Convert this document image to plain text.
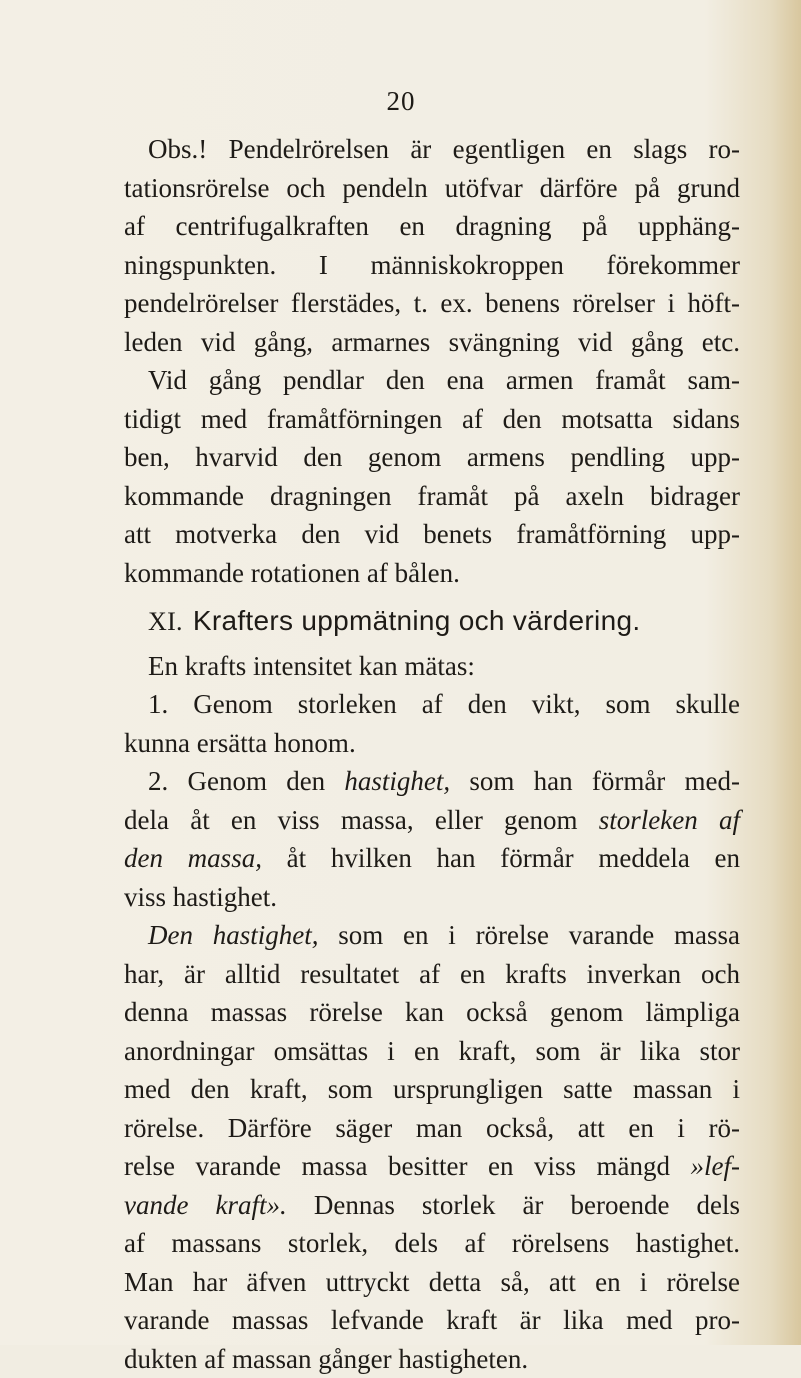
20
Obs.! Pendelrörelsen är egentligen en slags ro-
tationsrörelse och pendeln utöfvar därföre på grund
af centrifugalkraften en dragning på upphäng-
ningspunkten. I människokroppen förekommer
pendelrörelser flerstädes, t. ex. benens rörelser i höft-
leden vid gång, armarnes svängning vid gång etc.
Vid gång pendlar den ena armen framåt sam-
tidigt med framåtförningen af den motsatta sidans
ben, hvarvid den genom armens pendling upp-
kommande dragningen framåt på axeln bidrager
att motverka den vid benets framåtförning upp-
kommande rotationen af bålen.
XI. Krafters uppmätning och värdering.
En krafts intensitet kan mätas:
1. Genom storleken af den vikt, som skulle
kunna ersätta honom.
2. Genom den hastighet, som han förmår med-
dela åt en viss massa, eller genom storleken af
den massa, åt hvilken han förmår meddela en
viss hastighet.
Den hastighet, som en i rörelse varande massa
har, är alltid resultatet af en krafts inverkan och
denna massas rörelse kan också genom lämpliga
anordningar omsättas i en kraft, som är lika stor
med den kraft, som ursprungligen satte massan i
rörelse. Därföre säger man också, att en i rö-
relse varande massa besitter en viss mängd »lef-
vande kraft». Dennas storlek är beroende dels
af massans storlek, dels af rörelsens hastighet.
Man har äfven uttryckt detta så, att en i rörelse
varande massas lefvande kraft är lika med pro-
dukten af massan gånger hastigheten.
